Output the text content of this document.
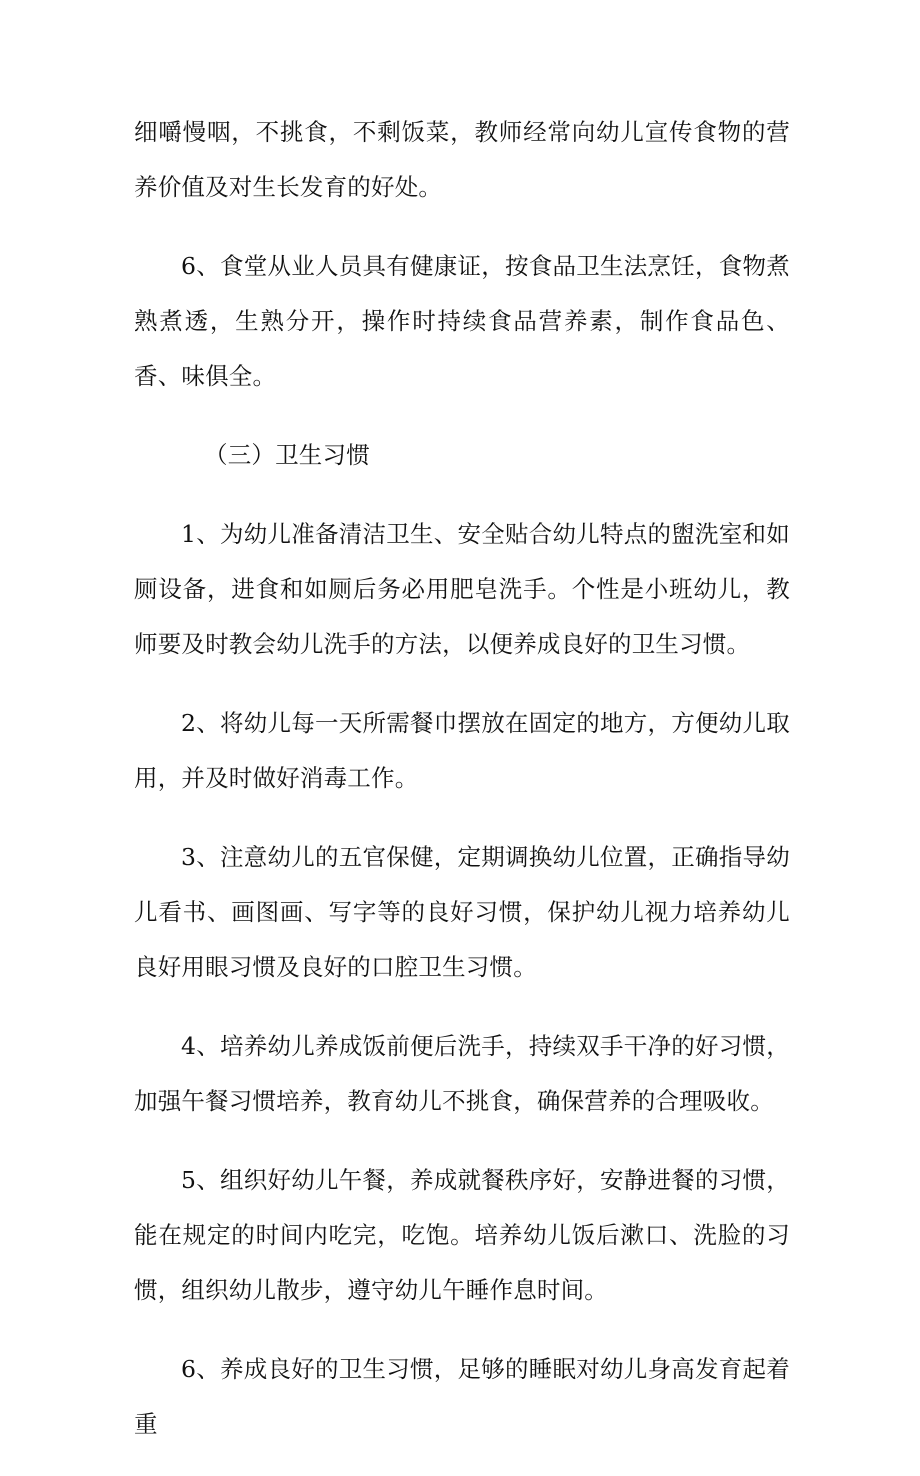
细嚼慢咽，不挑食，不剩饭菜，教师经常向幼儿宣传食物的营养价值及对生长发育的好处。

6、食堂从业人员具有健康证，按食品卫生法烹饪，食物煮熟煮透，生熟分开，操作时持续食品营养素，制作食品色、香、味俱全。

（三）卫生习惯

1、为幼儿准备清洁卫生、安全贴合幼儿特点的盥洗室和如厕设备，进食和如厕后务必用肥皂洗手。个性是小班幼儿，教师要及时教会幼儿洗手的方法，以便养成良好的卫生习惯。

2、将幼儿每一天所需餐巾摆放在固定的地方，方便幼儿取用，并及时做好消毒工作。

3、注意幼儿的五官保健，定期调换幼儿位置，正确指导幼儿看书、画图画、写字等的良好习惯，保护幼儿视力培养幼儿良好用眼习惯及良好的口腔卫生习惯。

4、培养幼儿养成饭前便后洗手，持续双手干净的好习惯，加强午餐习惯培养，教育幼儿不挑食，确保营养的合理吸收。

5、组织好幼儿午餐，养成就餐秩序好，安静进餐的习惯，能在规定的时间内吃完，吃饱。培养幼儿饭后漱口、洗脸的习惯，组织幼儿散步，遵守幼儿午睡作息时间。

6、养成良好的卫生习惯，足够的睡眠对幼儿身高发育起着重
